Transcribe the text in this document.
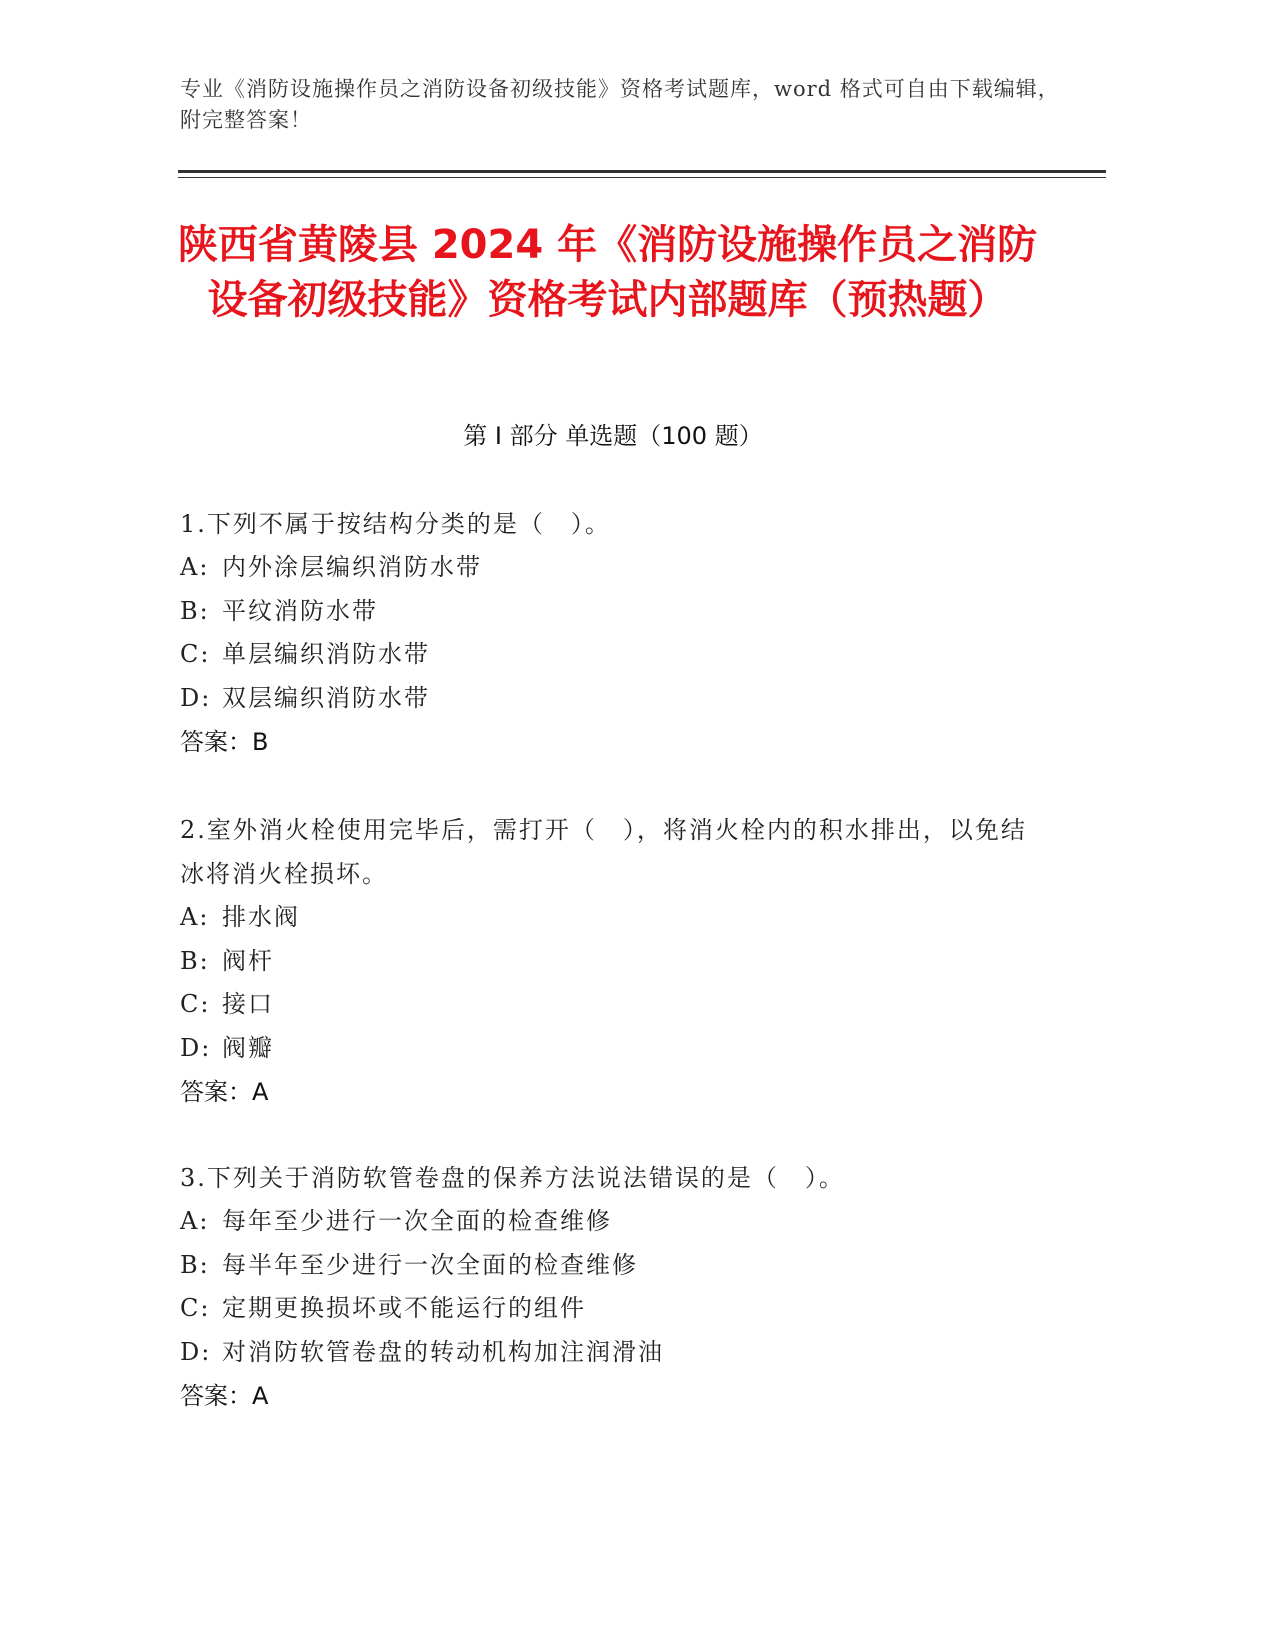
专业《消防设施操作员之消防设备初级技能》资格考试题库，word 格式可自由下载编辑，附完整答案！
陕西省黄陵县 2024 年《消防设施操作员之消防设备初级技能》资格考试内部题库（预热题）
第 I 部分 单选题（100 题）

1.下列不属于按结构分类的是（　）。

A: 内外涂层编织消防水带

B: 平纹消防水带

C: 单层编织消防水带

D: 双层编织消防水带

答案：B

2.室外消火栓使用完毕后，需打开（　），将消火栓内的积水排出，以免结冰将消火栓损坏。

A: 排水阀

B: 阀杆

C: 接口

D: 阀瓣

答案：A

3.下列关于消防软管卷盘的保养方法说法错误的是（　）。

A: 每年至少进行一次全面的检查维修

B: 每半年至少进行一次全面的检查维修

C: 定期更换损坏或不能运行的组件

D: 对消防软管卷盘的转动机构加注润滑油

答案：A
